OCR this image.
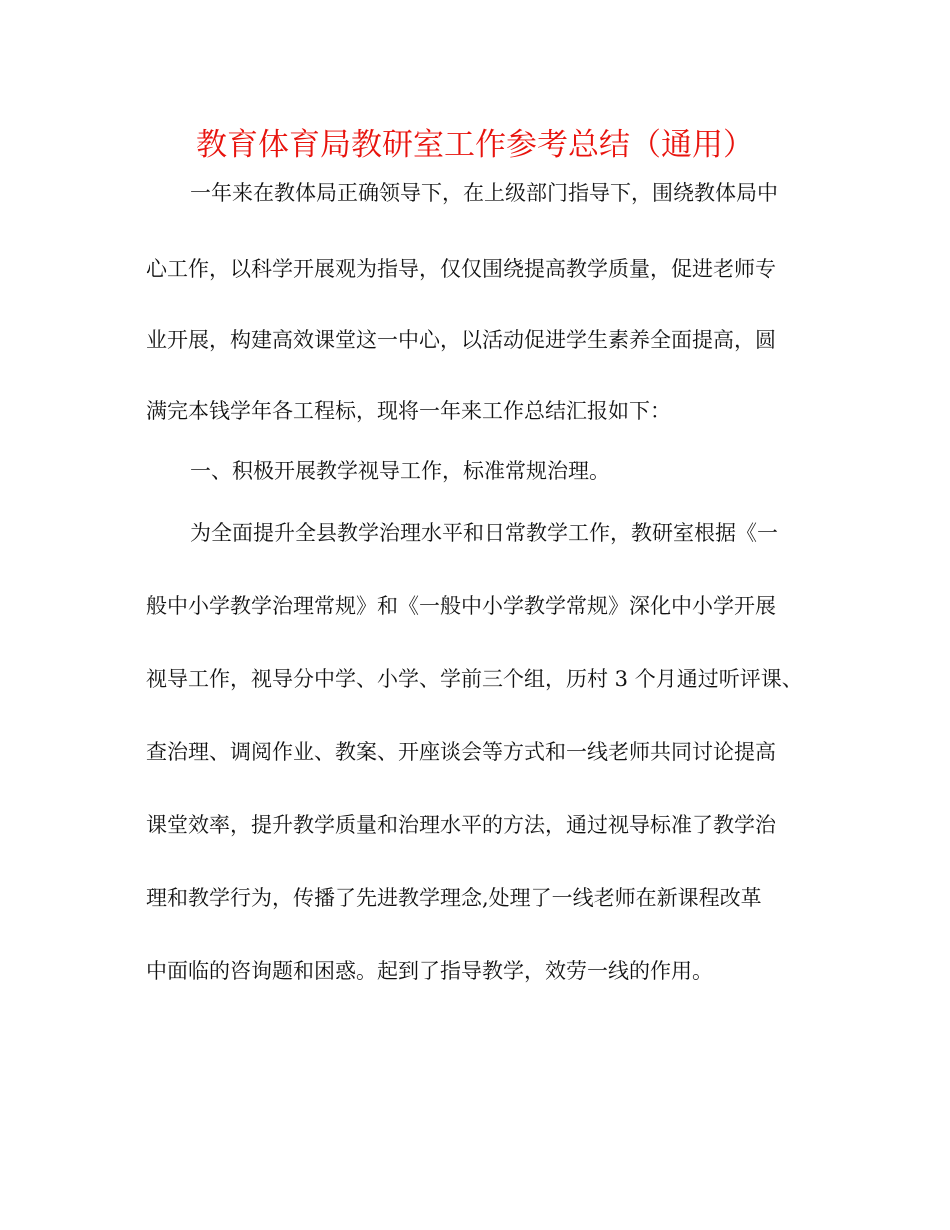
教育体育局教研室工作参考总结（通用）
一年来在教体局正确领导下，在上级部门指导下，围绕教体局中
心工作，以科学开展观为指导，仅仅围绕提高教学质量，促进老师专
业开展，构建高效课堂这一中心，以活动促进学生素养全面提高，圆
满完本钱学年各工程标，现将一年来工作总结汇报如下：
一、积极开展教学视导工作，标准常规治理。
为全面提升全县教学治理水平和日常教学工作，教研室根据《一
般中小学教学治理常规》和《一般中小学教学常规》深化中小学开展
视导工作，视导分中学、小学、学前三个组，历村 3 个月通过听评课、
查治理、调阅作业、教案、开座谈会等方式和一线老师共同讨论提高
课堂效率，提升教学质量和治理水平的方法，通过视导标准了教学治
理和教学行为，传播了先进教学理念,处理了一线老师在新课程改革
中面临的咨询题和困惑。起到了指导教学，效劳一线的作用。
